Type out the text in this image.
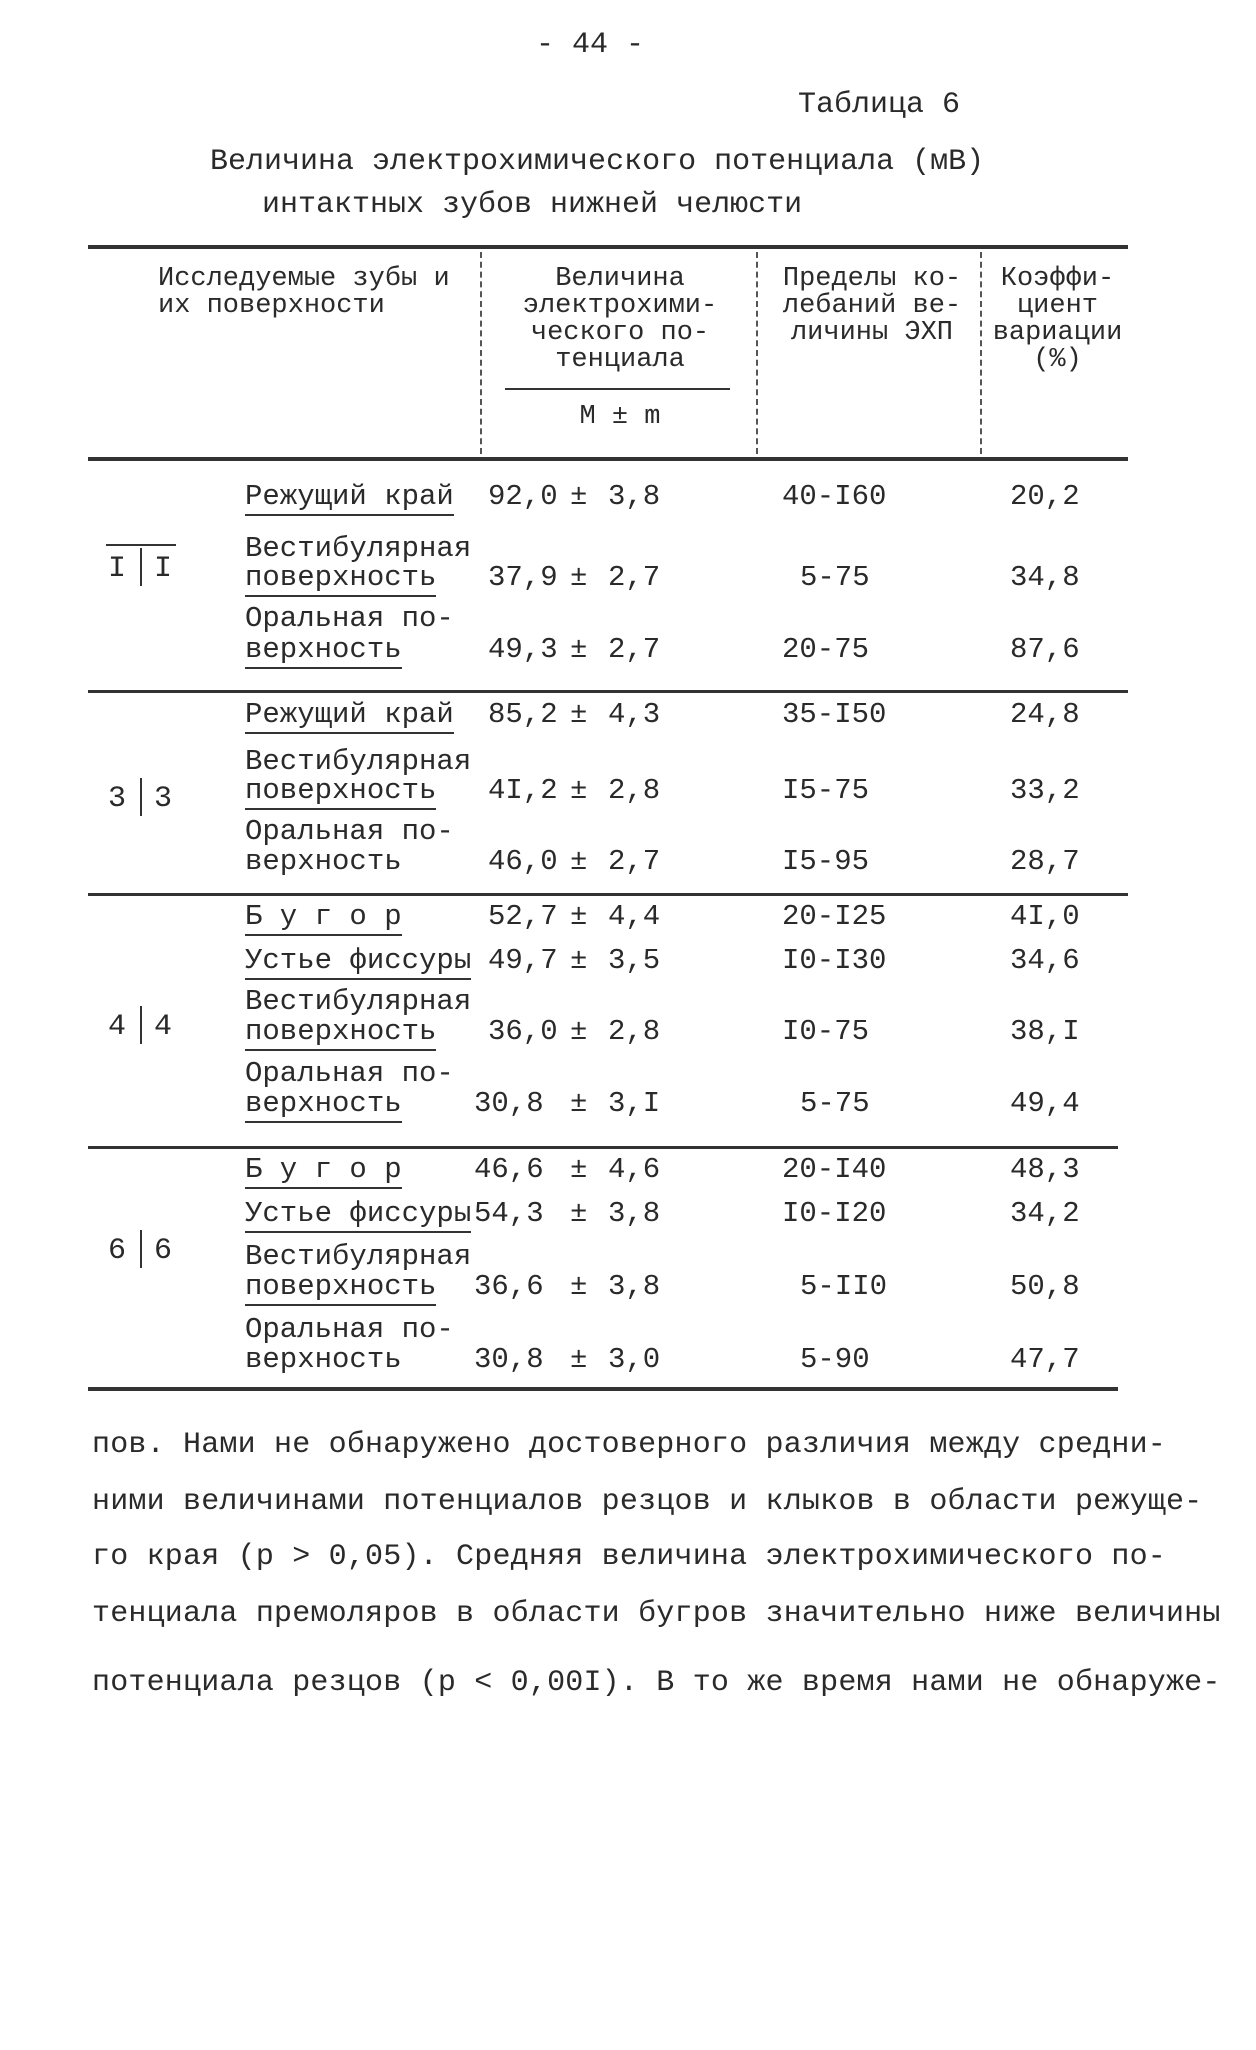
- 44 -
Таблица 6
Величина электрохимического потенциала (мВ)
интактных зубов нижней челюсти
Исследуемые зубы и
их поверхности
Величина
электрохими-
ческого по-
тенциала
М ± m
Пределы ко-
лебаний ве-
личины ЭХП
Коэффи-
циент
вариации
(%)
I I
Режущий край 92,0 ± 3,8	40-I60	20,2
Вестибулярная
поверхность 37,9 ± 2,7	5-75	34,8
Оральная по-
верхность	49,3 ± 2,7	20-75	87,6
3 3
Режущий край 85,2 ± 4,3	35-I50	24,8
Вестибулярная
поверхность 4I,2 ± 2,8	I5-75	33,2
Оральная по-
верхность	46,0 ± 2,7	I5-95	28,7
4 4
Б у г о р	52,7 ± 4,4	20-I25	4I,0
Устье фиссуры 49,7 ± 3,5	I0-I30	34,6
Вестибулярная
поверхность 36,0 ± 2,8	I0-75	38,I
Оральная по-
верхность 30,8 ± 3,I	5-75	49,4
6 6
Б у г о р 46,6 ± 4,6	20-I40	48,3
Устье фиссуры 54,3 ± 3,8	I0-I20	34,2
Вестибулярная
поверхность 36,6 ± 3,8	5-II0	50,8
Оральная по-
верхность 30,8 ± 3,0	5-90	47,7
пов. Нами не обнаружено достоверного различия между средни-
ними величинами потенциалов резцов и клыков в области режуще-
го края (р > 0,05). Средняя величина электрохимического по-
тенциала премоляров в области бугров значительно ниже величины
потенциала резцов (р < 0,00I). В то же время нами не обнаруже-
